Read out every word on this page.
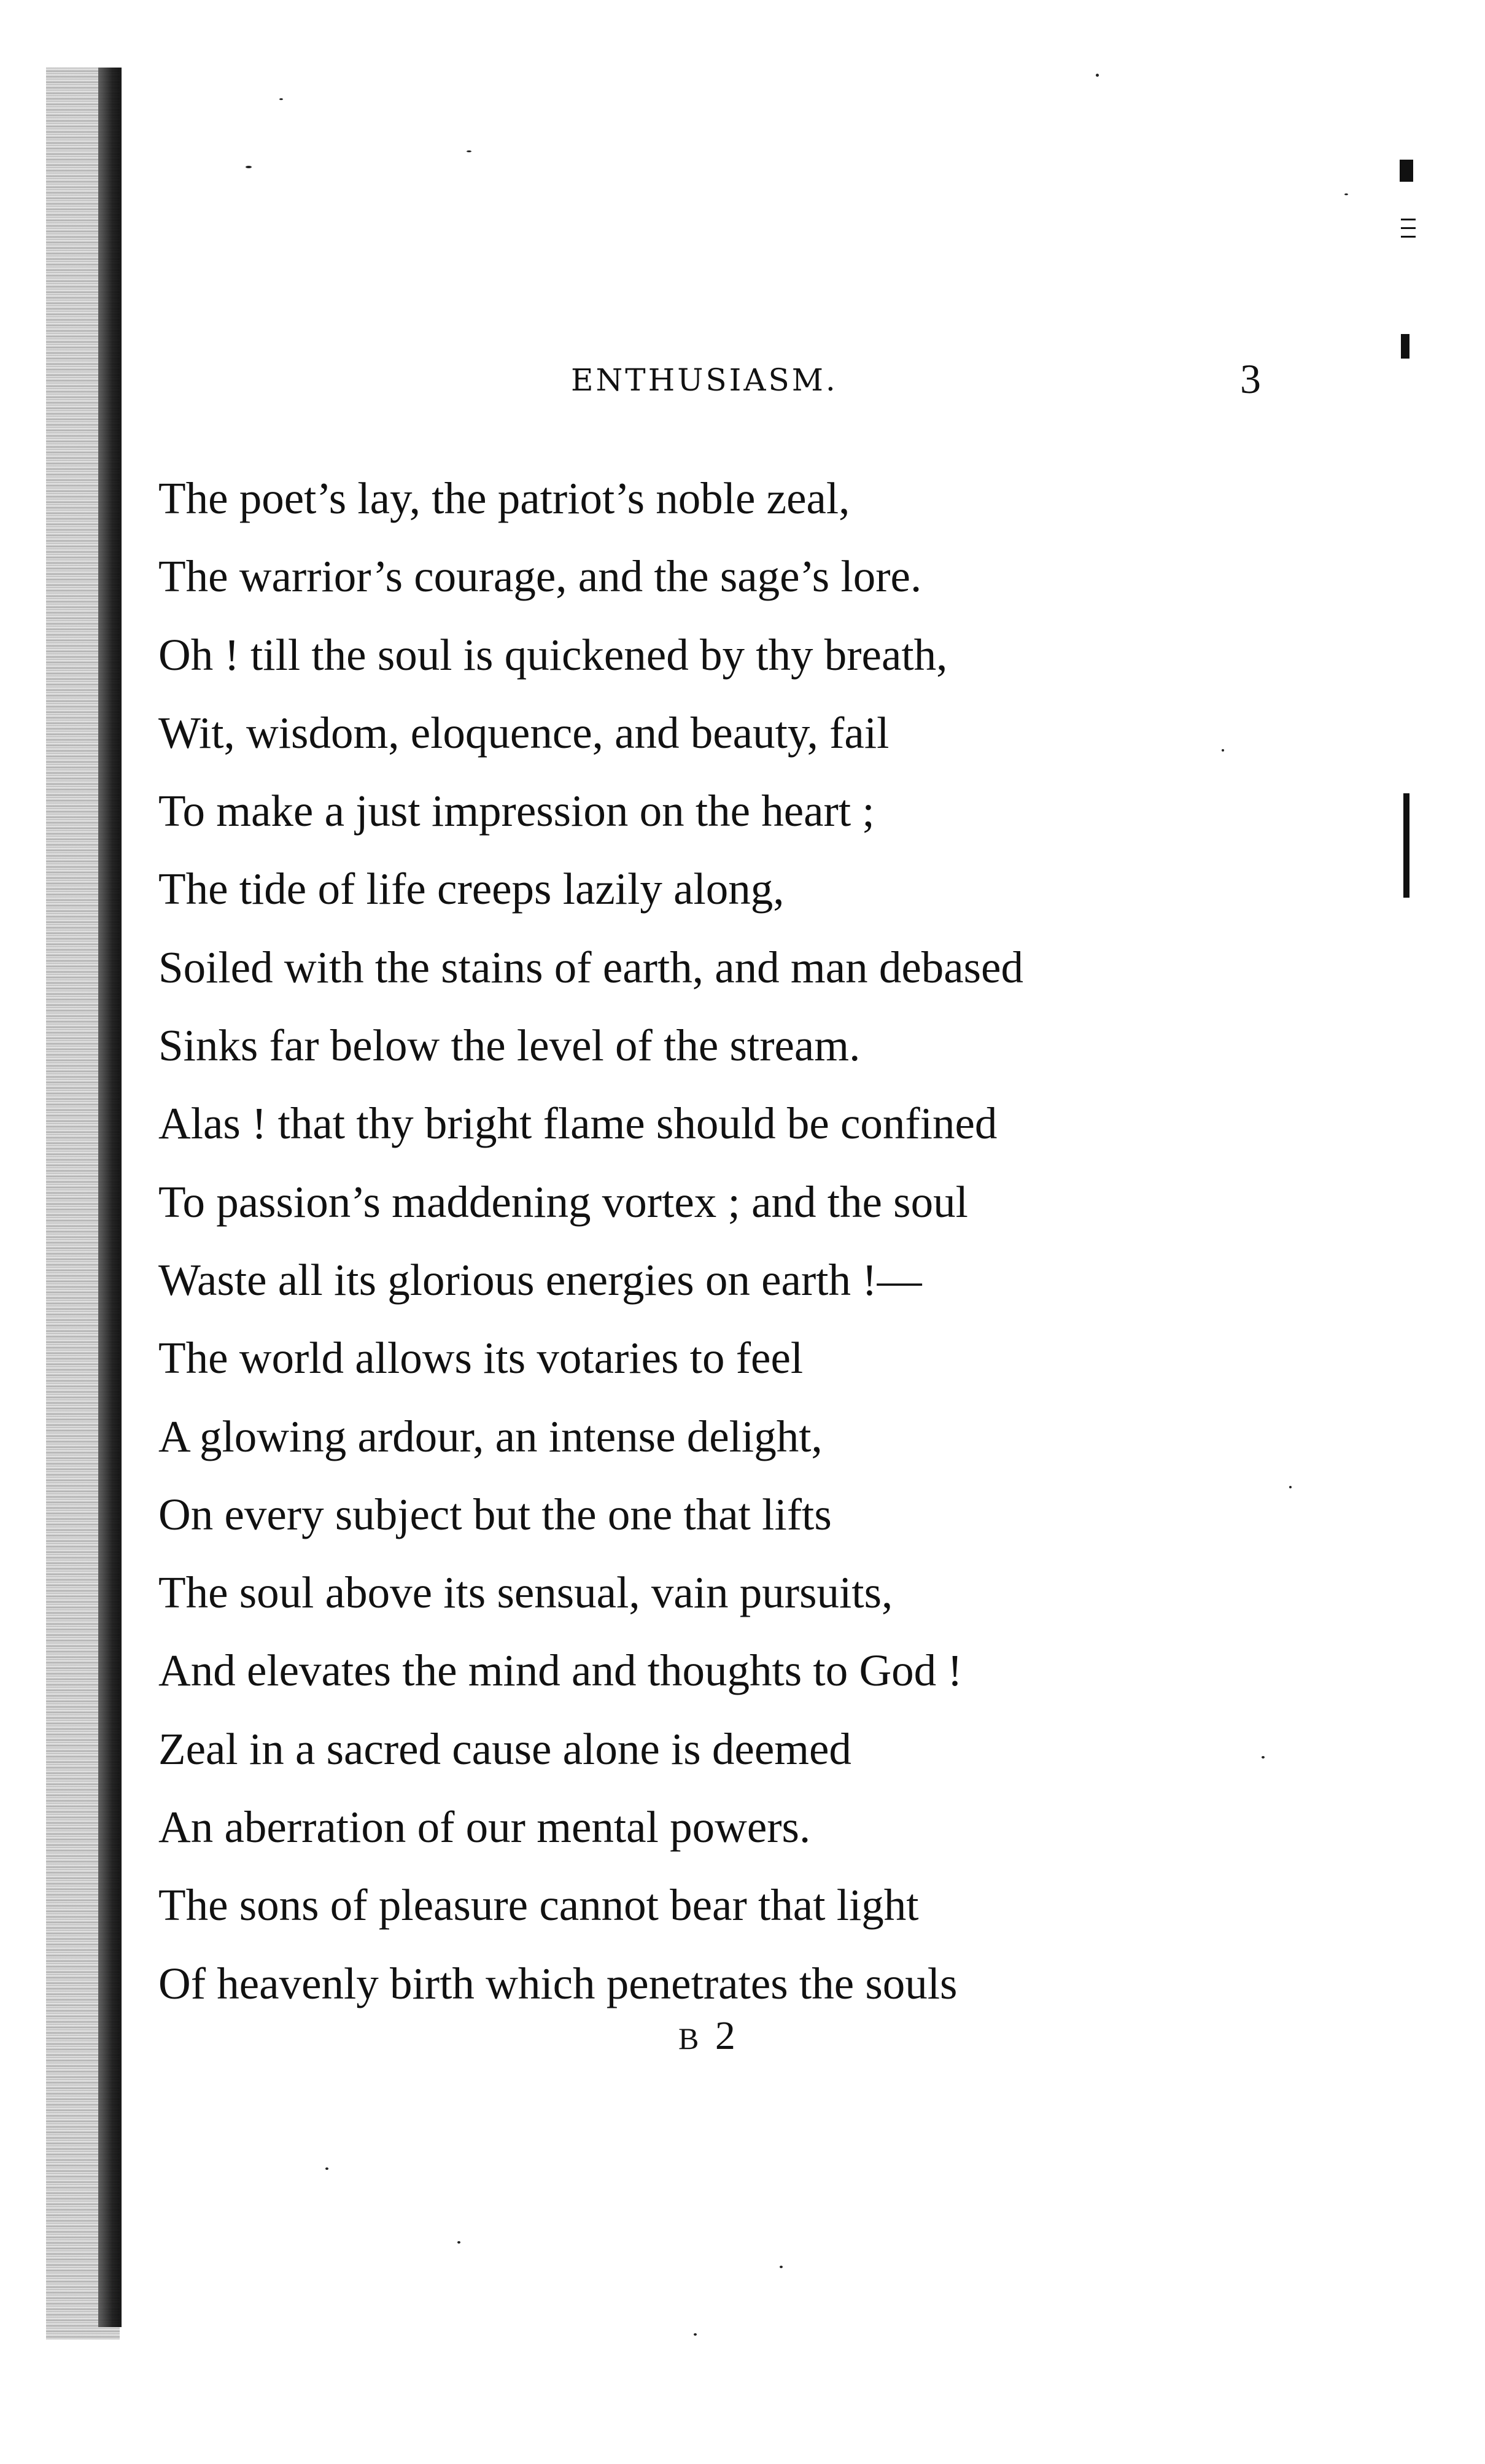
ENTHUSIASM.	3
The poet’s lay, the patriot’s noble zeal,
The warrior’s courage, and the sage’s lore.
Oh ! till the soul is quickened by thy breath,
Wit, wisdom, eloquence, and beauty, fail
To make a just impression on the heart ;
The tide of life creeps lazily along,
Soiled with the stains of earth, and man debased
Sinks far below the level of the stream.
Alas ! that thy bright flame should be confined
To passion’s maddening vortex ; and the soul
Waste all its glorious energies on earth !—
The world allows its votaries to feel
A glowing ardour, an intense delight,
On every subject but the one that lifts
The soul above its sensual, vain pursuits,
And elevates the mind and thoughts to God !
Zeal in a sacred cause alone is deemed
An aberration of our mental powers.
The sons of pleasure cannot bear that light
Of heavenly birth which penetrates the souls
B 2
